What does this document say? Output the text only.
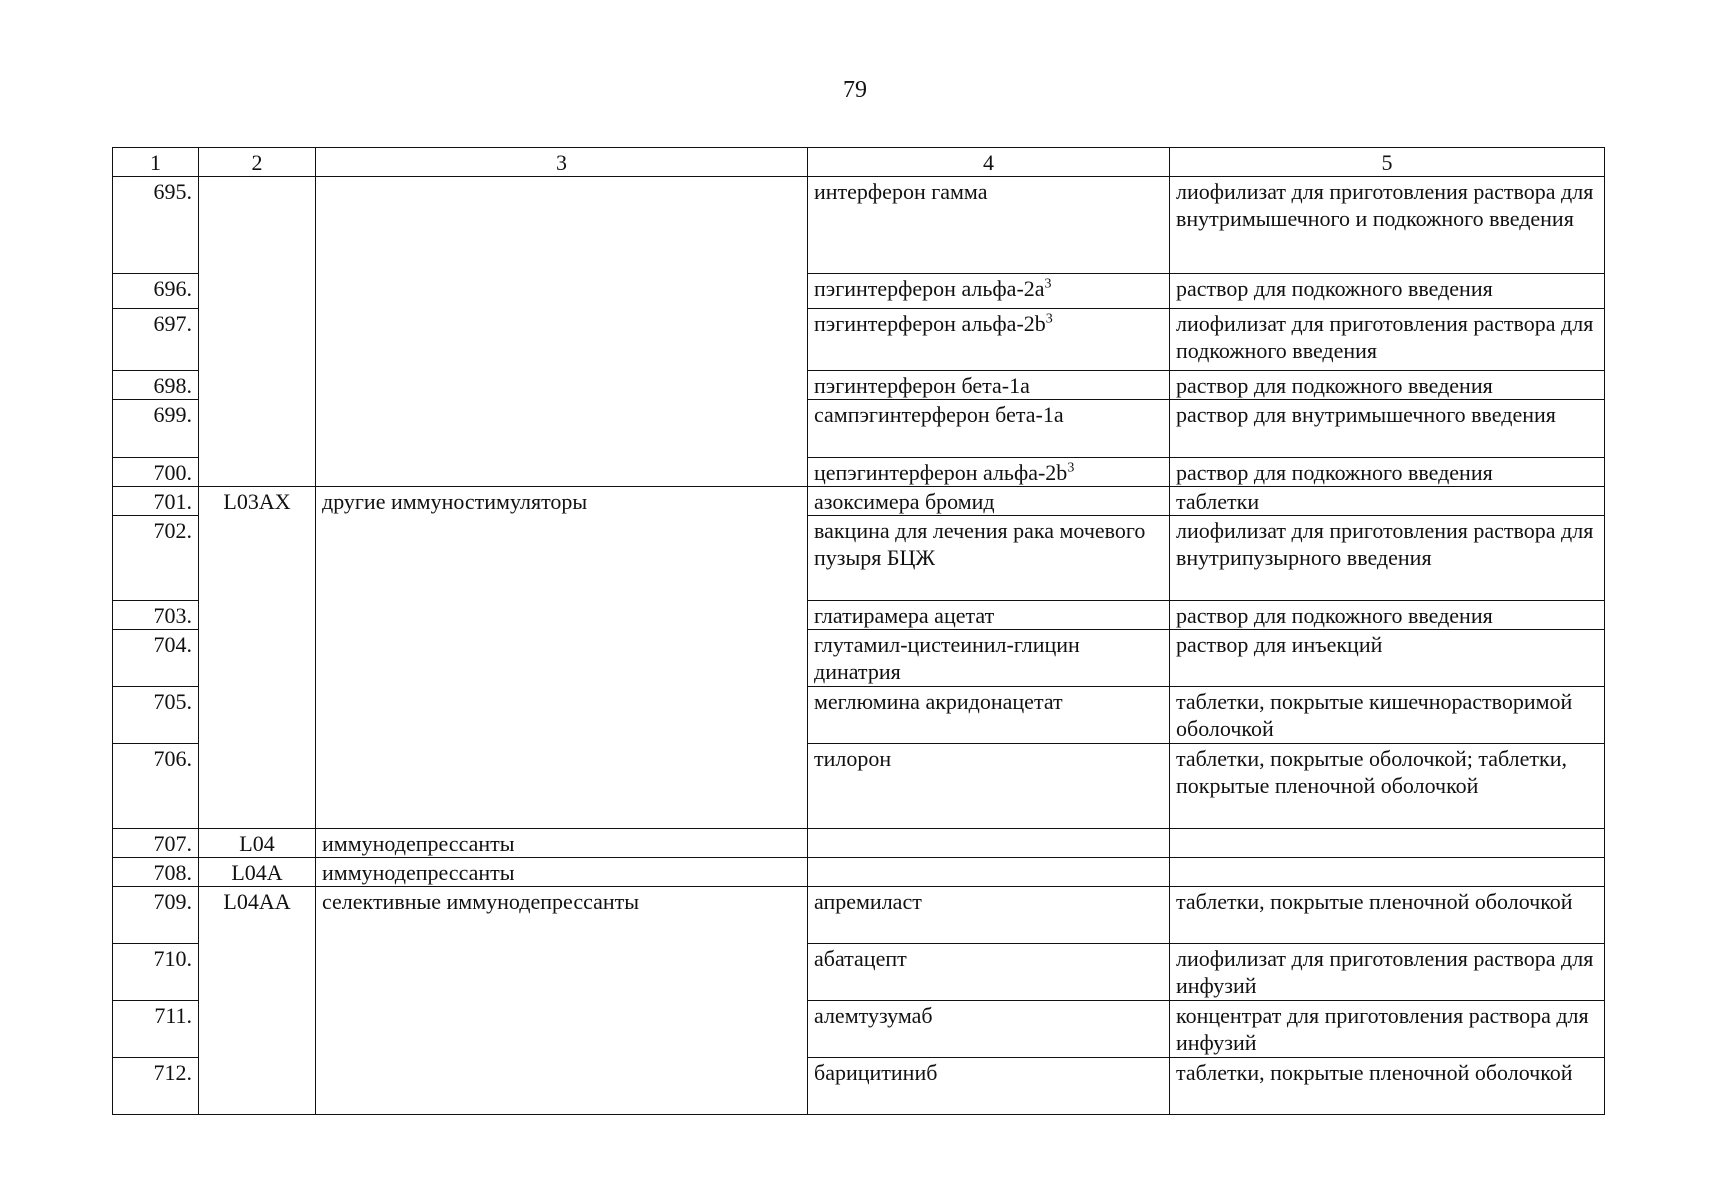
79
1	2	3	4	5
695.			интерферон гамма	лиофилизат для приготовления раствора для внутримышечного и подкожного введения
696.			пэгинтерферон альфа-$2a^3$	раствор для подкожного введения
697.			пэгинтерферон альфа-$2b^3$	лиофилизат для приготовления раствора для подкожного введения
698.			пэгинтерферон бета-1a	раствор для подкожного введения
699.			сампэгинтерферон бета-1a	раствор для внутримышечного введения
700.			цепэгинтерферон альфа-$2b^3$	раствор для подкожного введения
701.	L03AX	другие иммуностимуляторы	азоксимера бромид	таблетки
702.			вакцина для лечения рака мочевого пузыря БЦЖ	лиофилизат для приготовления раствора для внутрипузырного введения
703.			глатирамера ацетат	раствор для подкожного введения
704.			глутамил-цистеинил-глицин динатрия	раствор для инъекций
705.			меглюмина акридонацетат	таблетки, покрытые кишечнорастворимой оболочкой
706.			тилорон	таблетки, покрытые оболочкой; таблетки, покрытые пленочной оболочкой
707.	L04	иммунодепрессанты		
708.	L04A	иммунодепрессанты		
709.	L04AA	селективные иммунодепрессанты	апремиласт	таблетки, покрытые пленочной оболочкой
710.			абатацепт	лиофилизат для приготовления раствора для инфузий
711.			алемтузумаб	концентрат для приготовления раствора для инфузий
712.			барицитиниб	таблетки, покрытые пленочной оболочкой
